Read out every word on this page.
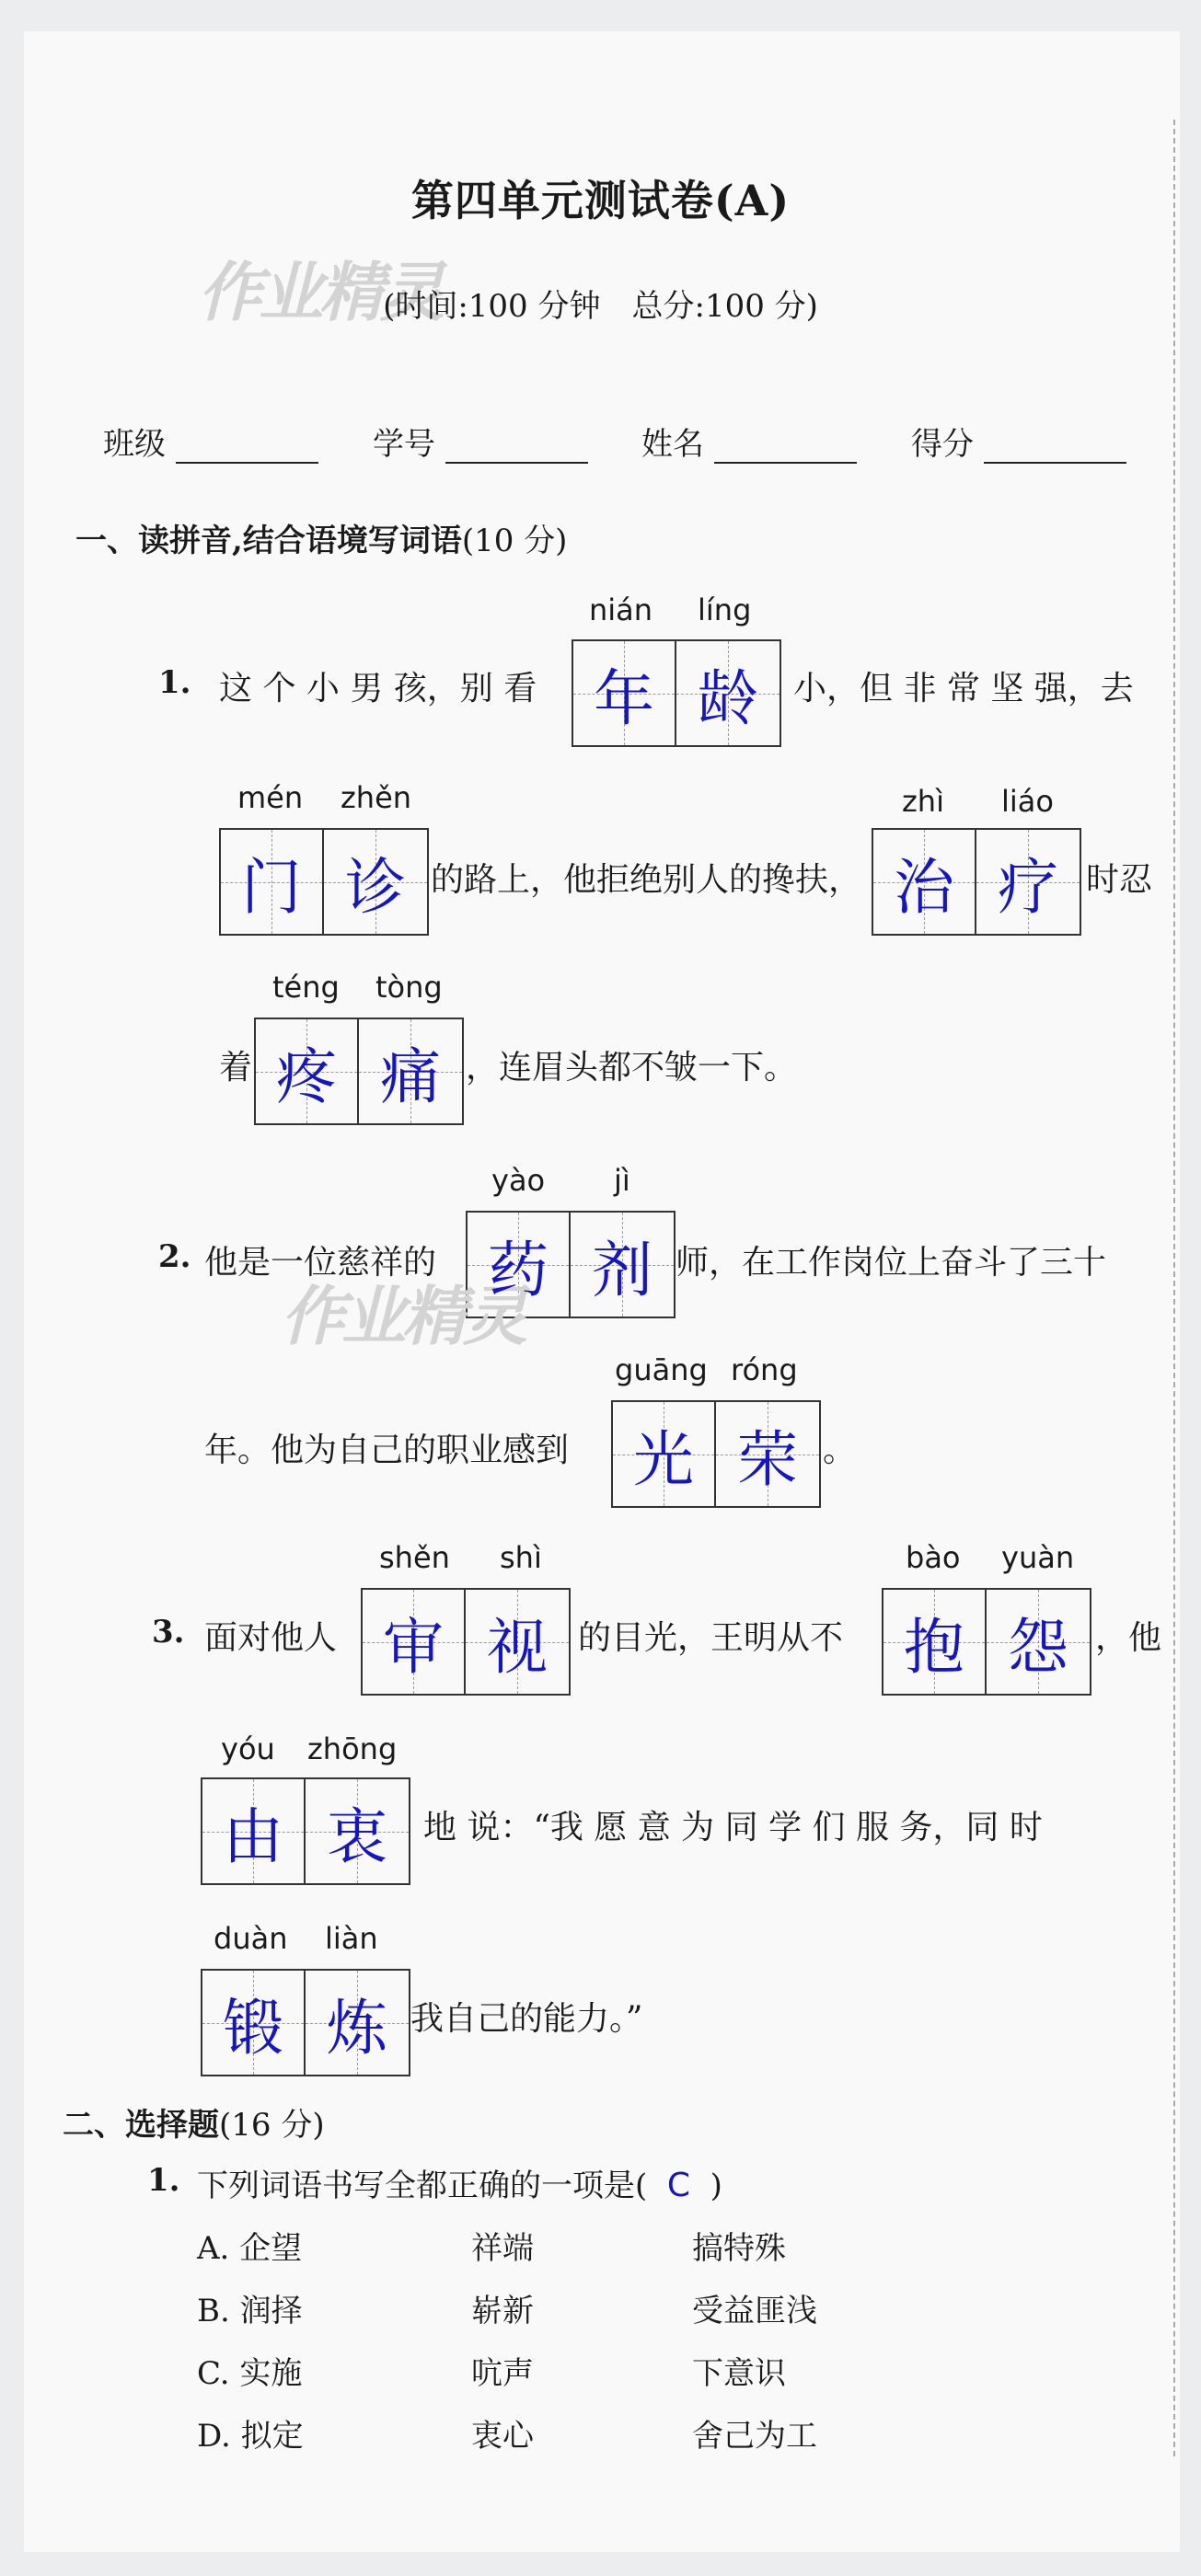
第四单元测试卷(A)
作业精灵
(时间:100 分钟　总分:100 分)
班级	学号	姓名	得分
一、读拼音,结合语境写词语(10 分)
1. 这 个 小 男 孩，别 看
nián líng
年 龄	小，但 非 常 坚 强，去
mén zhěn
门 诊 的路上，他拒绝别人的搀扶，
zhì liáo
治 疗 时忍
téng tòng
着 疼 痛 ，连眉头都不皱一下。
2. 他是一位慈祥的
yào jì
药 剂 师，在工作岗位上奋斗了三十
作业精灵
guāng róng
年。他为自己的职业感到	光 荣 。
3. 面对他人
shěn shì
审 视 的目光，王明从不
bào yuàn
抱 怨 ，他
yóu zhōng
由 衷	地 说：“我 愿 意 为 同 学 们 服 务，同 时
duàn liàn
锻 炼 我自己的能力。”
二、选择题(16 分)
1. 下列词语书写全都正确的一项是( C )
A. 企望	祥端	搞特殊
B. 润择	崭新	受益匪浅
C. 实施	吭声	下意识
D. 拟定	衷心	舍己为工
